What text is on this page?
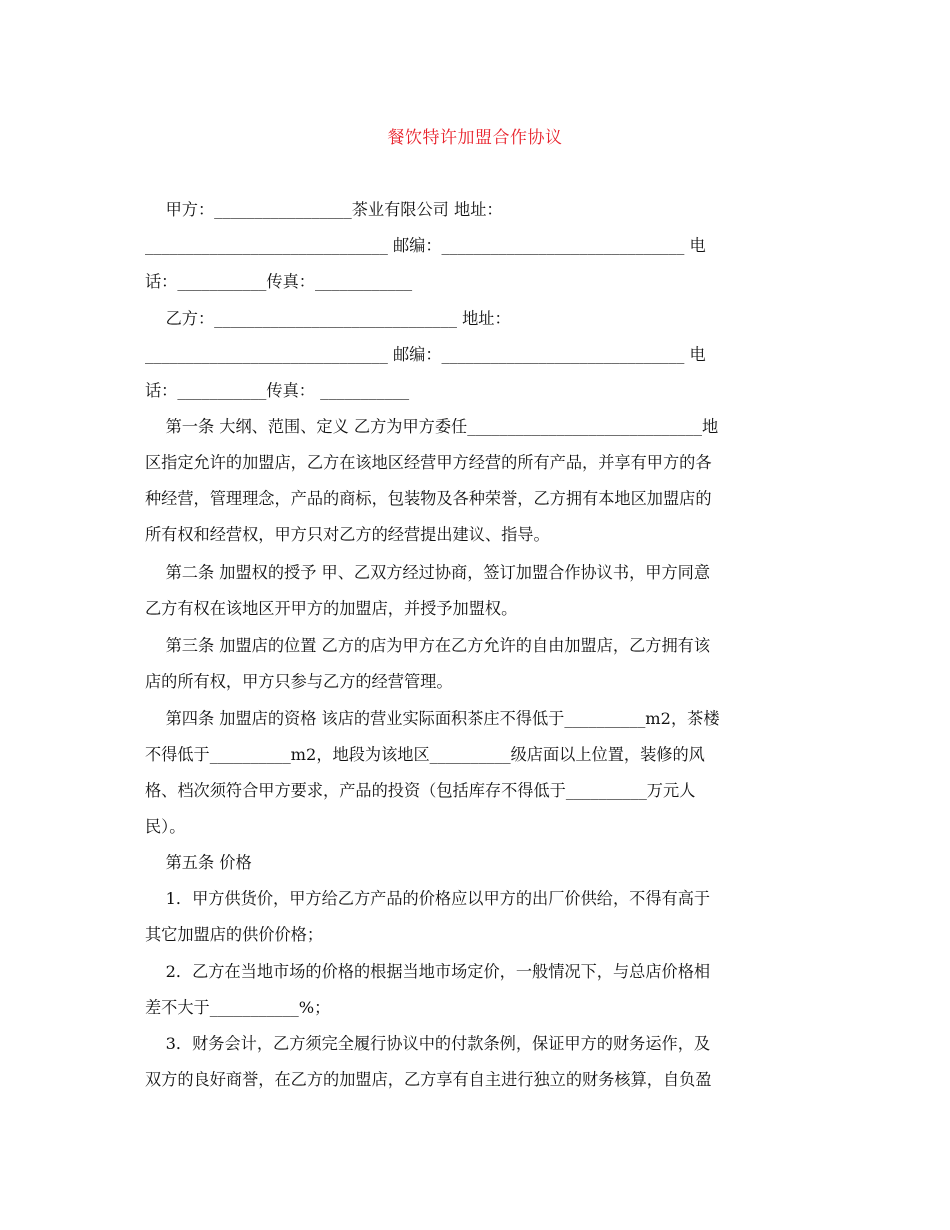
餐饮特许加盟合作协议
甲方：_________________茶业有限公司 地址：
______________________________ 邮编：______________________________ 电
话：___________传真：____________
乙方：______________________________ 地址：
______________________________ 邮编：______________________________ 电
话：___________传真： ___________
第一条 大纲、范围、定义 乙方为甲方委任_____________________________地
区指定允许的加盟店，乙方在该地区经营甲方经营的所有产品，并享有甲方的各
种经营，管理理念，产品的商标，包装物及各种荣誉，乙方拥有本地区加盟店的
所有权和经营权，甲方只对乙方的经营提出建议、指导。
第二条 加盟权的授予 甲、乙双方经过协商，签订加盟合作协议书，甲方同意
乙方有权在该地区开甲方的加盟店，并授予加盟权。
第三条 加盟店的位置 乙方的店为甲方在乙方允许的自由加盟店，乙方拥有该
店的所有权，甲方只参与乙方的经营管理。
第四条 加盟店的资格 该店的营业实际面积茶庄不得低于__________m2，茶楼
不得低于__________m2，地段为该地区__________级店面以上位置，装修的风
格、档次须符合甲方要求，产品的投资（包括库存不得低于__________万元人
民）。
第五条 价格
1．甲方供货价，甲方给乙方产品的价格应以甲方的出厂价供给，不得有高于
其它加盟店的供价价格；
2．乙方在当地市场的价格的根据当地市场定价，一般情况下，与总店价格相
差不大于___________%；
3．财务会计，乙方须完全履行协议中的付款条例，保证甲方的财务运作，及
双方的良好商誉，在乙方的加盟店，乙方享有自主进行独立的财务核算，自负盈
